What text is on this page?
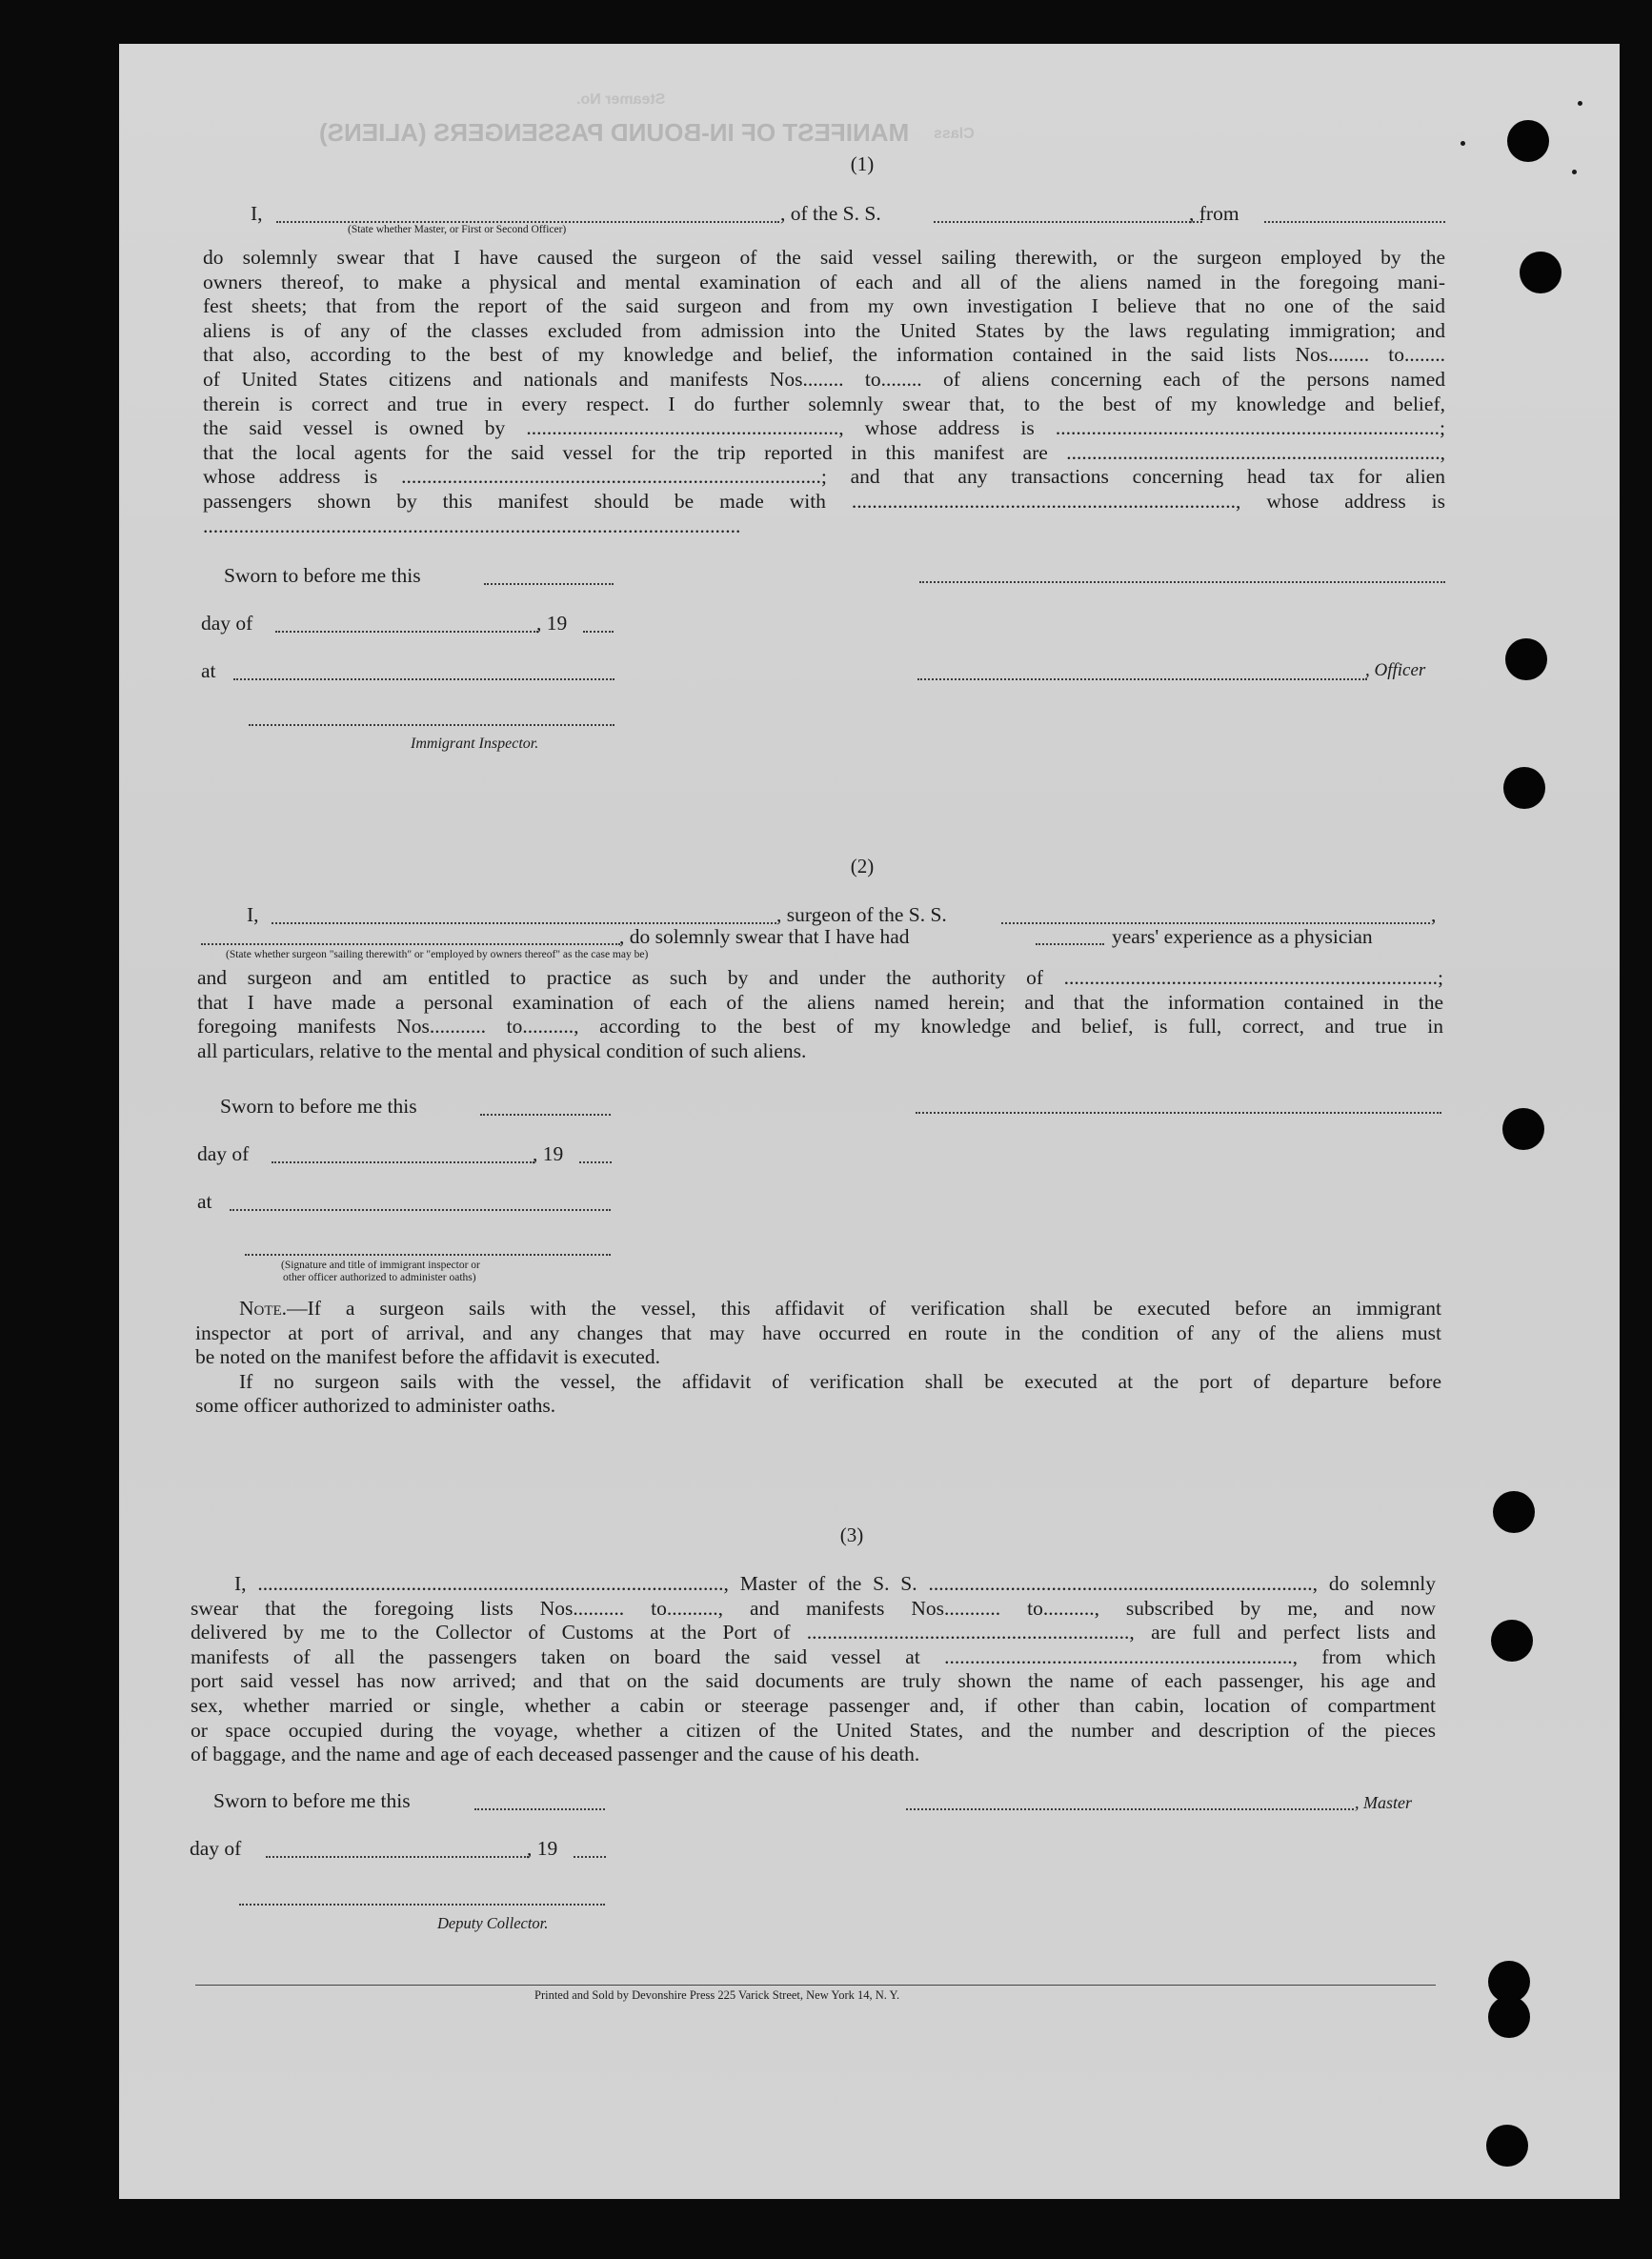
MANIFEST OF IN-BOUND PASSENGERS (ALIENS)
Steamer No.
Class
(1)
I,	, of the S. S.	, from
(State whether Master, or First or Second Officer)
do solemnly swear that I have caused the surgeon of the said vessel sailing therewith, or the surgeon employed by the
owners thereof, to make a physical and mental examination of each and all of the aliens named in the foregoing mani-
fest sheets; that from the report of the said surgeon and from my own investigation I believe that no one of the said
aliens is of any of the classes excluded from admission into the United States by the laws regulating immigration; and
that also, according to the best of my knowledge and belief, the information contained in the said lists Nos........ to........
of United States citizens and nationals and manifests Nos........ to........ of aliens concerning each of the persons named
therein is correct and true in every respect. I do further solemnly swear that, to the best of my knowledge and belief,
the said vessel is owned by ............................................................., whose address is ...........................................................................;
that the local agents for the said vessel for the trip reported in this manifest are .........................................................................,
whose address is ..................................................................................; and that any transactions concerning head tax for alien
passengers shown by this manifest should be made with ..........................................................................., whose address is
.........................................................................................................
Sworn to before me this
day of	, 19
at	, Officer
Immigrant Inspector.
(2)
I,	, surgeon of the S. S.	,
, do solemnly swear that I have had	years' experience as a physician
(State whether surgeon "sailing therewith" or "employed by owners thereof" as the case may be)
and surgeon and am entitled to practice as such by and under the authority of .........................................................................;
that I have made a personal examination of each of the aliens named herein; and that the information contained in the
foregoing manifests Nos........... to.........., according to the best of my knowledge and belief, is full, correct, and true in
all particulars, relative to the mental and physical condition of such aliens.
Sworn to before me this
day of	, 19
at
(Signature and title of immigrant inspector or
other officer authorized to administer oaths)
Note.—If a surgeon sails with the vessel, this affidavit of verification shall be executed before an immigrant
inspector at port of arrival, and any changes that may have occurred en route in the condition of any of the aliens must
be noted on the manifest before the affidavit is executed.
If no surgeon sails with the vessel, the affidavit of verification shall be executed at the port of departure before
some officer authorized to administer oaths.
(3)
I, ..........................................................................................., Master of the S. S. ..........................................................................., do solemnly
swear that the foregoing lists Nos.......... to.........., and manifests Nos........... to.........., subscribed by me, and now
delivered by me to the Collector of Customs at the Port of ..............................................................., are full and perfect lists and
manifests of all the passengers taken on board the said vessel at ...................................................................., from which
port said vessel has now arrived; and that on the said documents are truly shown the name of each passenger, his age and
sex, whether married or single, whether a cabin or steerage passenger and, if other than cabin, location of compartment
or space occupied during the voyage, whether a citizen of the United States, and the number and description of the pieces
of baggage, and the name and age of each deceased passenger and the cause of his death.
Sworn to before me this	, Master
day of	, 19
Deputy Collector.
Printed and Sold by Devonshire Press 225 Varick Street, New York 14, N. Y.
